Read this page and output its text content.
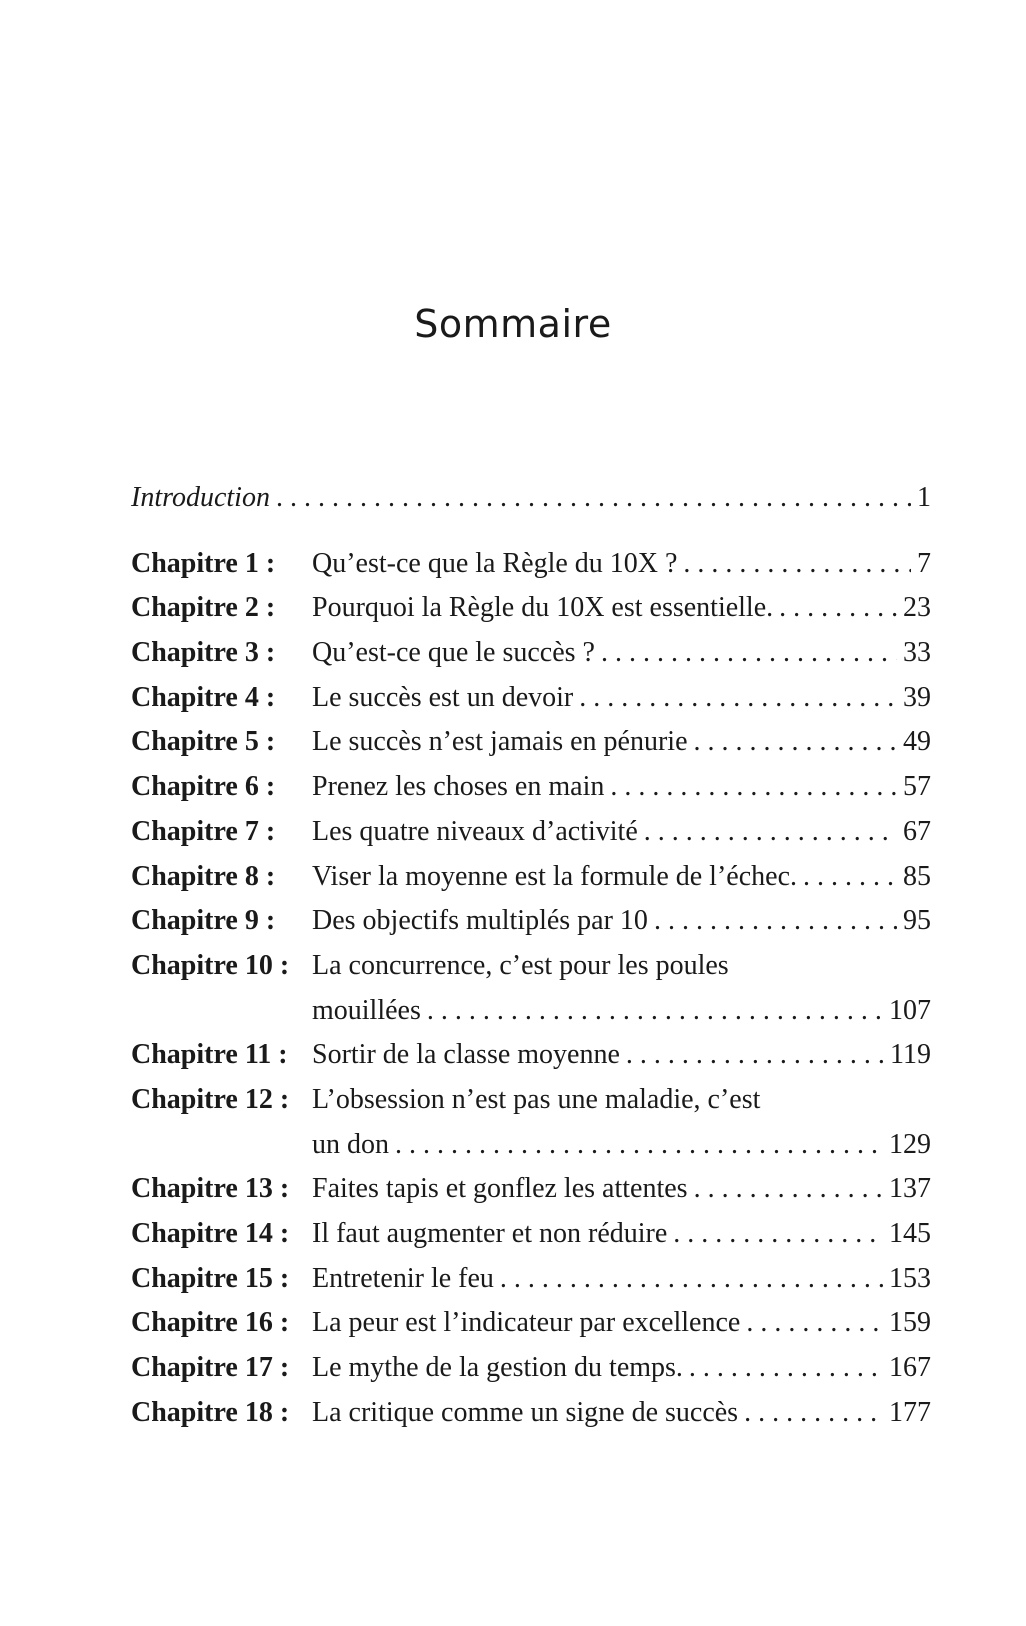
Sommaire
Introduction . . .	1
Chapitre 1 :	Qu’est-ce que la Règle du 10X ? . . .	7
Chapitre 2 :	Pourquoi la Règle du 10X est essentielle. . . .	23
Chapitre 3 :	Qu’est-ce que le succès ? . . .	33
Chapitre 4 :	Le succès est un devoir . . .	39
Chapitre 5 :	Le succès n’est jamais en pénurie . . .	49
Chapitre 6 :	Prenez les choses en main . . .	57
Chapitre 7 :	Les quatre niveaux d’activité . . .	67
Chapitre 8 :	Viser la moyenne est la formule de l’échec. . . .	85
Chapitre 9 :	Des objectifs multiplés par 10 . . .	95
Chapitre 10 : La concurrence, c’est pour les poules
mouillées . . .	107
Chapitre 11 : Sortir de la classe moyenne . . .	119
Chapitre 12 : L’obsession n’est pas une maladie, c’est
un don . . .	129
Chapitre 13 : Faites tapis et gonflez les attentes . . .	137
Chapitre 14 : Il faut augmenter et non réduire . . .	145
Chapitre 15 : Entretenir le feu . . .	153
Chapitre 16 : La peur est l’indicateur par excellence . . .	159
Chapitre 17 : Le mythe de la gestion du temps. . . .	167
Chapitre 18 : La critique comme un signe de succès . . .	177
